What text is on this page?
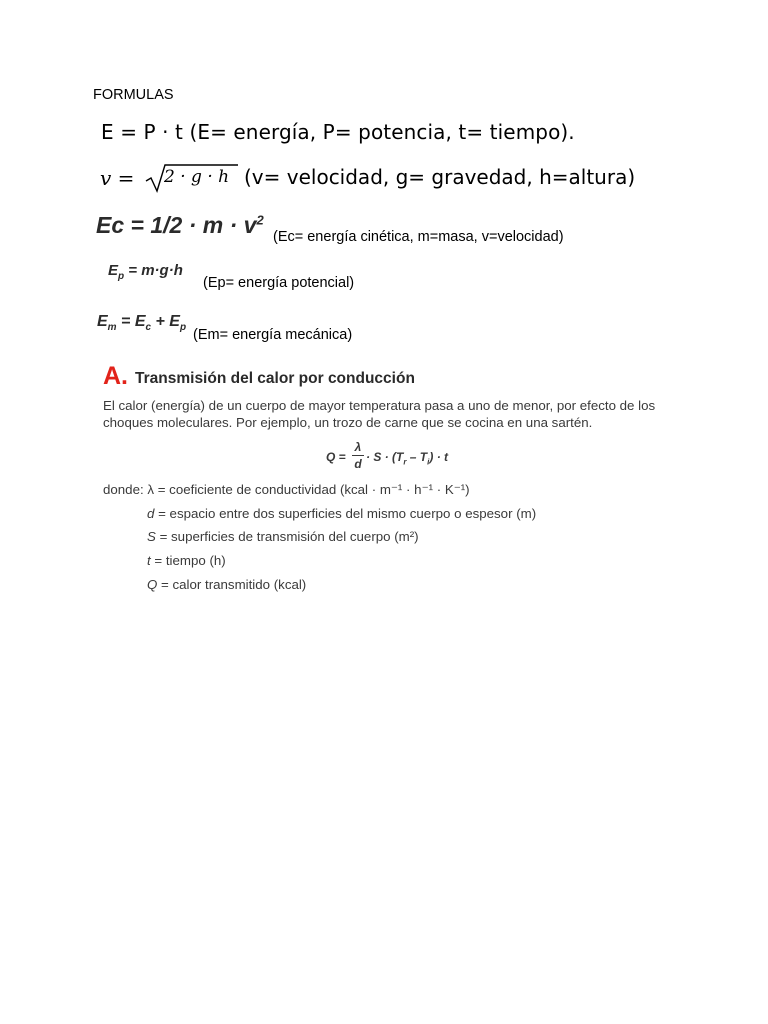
FORMULAS
E = P · t (E= energía, P= potencia, t= tiempo).
v = 2 · g · h (v= velocidad, g= gravedad, h=altura)
$Ec = 1/2 \cdot m \cdot v^2$
(Ec= energía cinética, m=masa, v=velocidad)
$E_p = m\cdot g\cdot h$
(Ep= energía potencial)
$E_m = E_c + E_p$ (Em= energía mecánica)
A. Transmisión del calor por conducción
El calor (energía) de un cuerpo de mayor temperatura pasa a uno de menor, por efecto de los
choques moleculares. Por ejemplo, un trozo de carne que se cocina en una sartén.
Q =
λ
$d \cdot S \cdot (T_r - T_i) \cdot t$
donde: λ = coeficiente de conductividad (kcal · m⁻¹ · h⁻¹ · K⁻¹)
d = espacio entre dos superficies del mismo cuerpo o espesor (m)
S = superficies de transmisión del cuerpo (m²)
t = tiempo (h)
Q = calor transmitido (kcal)
